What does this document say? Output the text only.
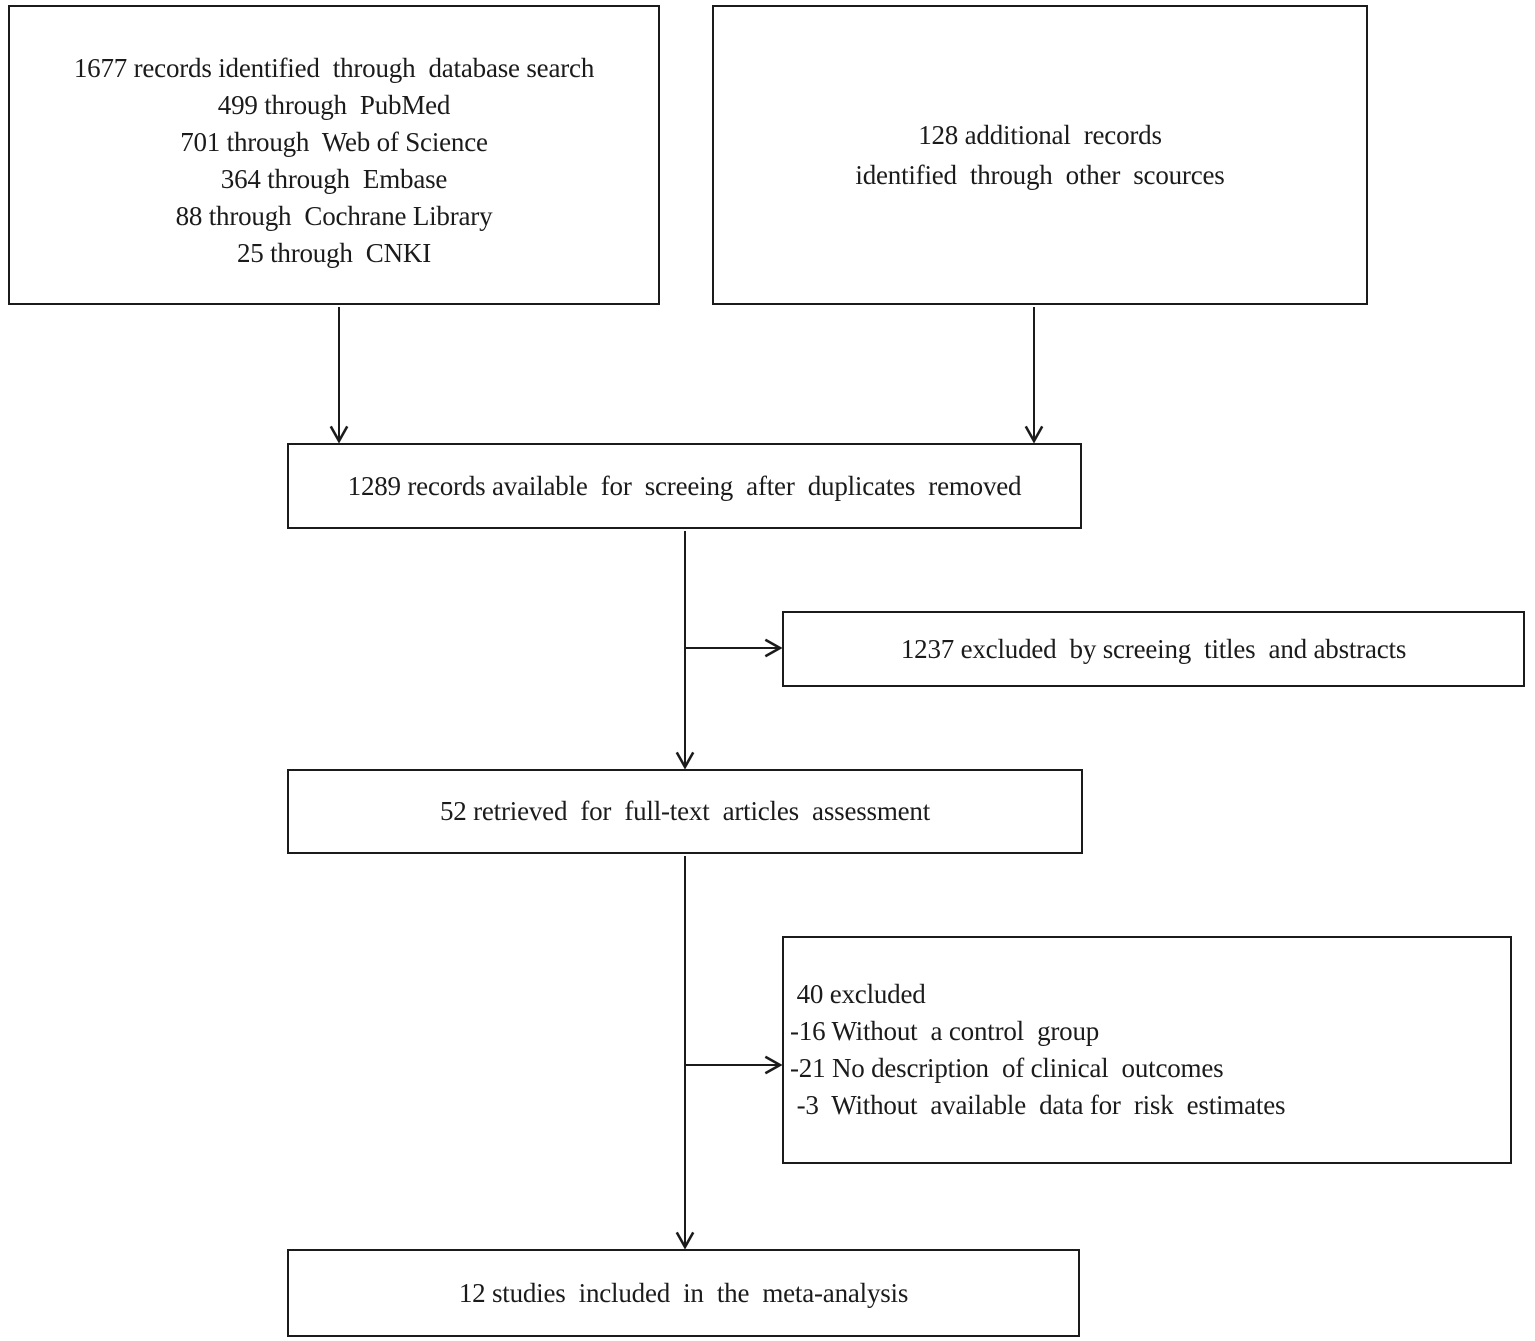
1677 records identified  through  database search
499 through  PubMed
701 through  Web of Science
364 through  Embase
88 through  Cochrane Library
25 through  CNKI
128 additional  records
identified  through  other  scources
1289 records available  for  screeing  after  duplicates  removed
1237 excluded  by screeing  titles  and abstracts
52 retrieved  for  full-text  articles  assessment
40 excluded
-16 Without  a control  group
-21 No description  of clinical  outcomes
-3  Without  available  data for  risk  estimates
12 studies  included  in  the  meta-analysis
